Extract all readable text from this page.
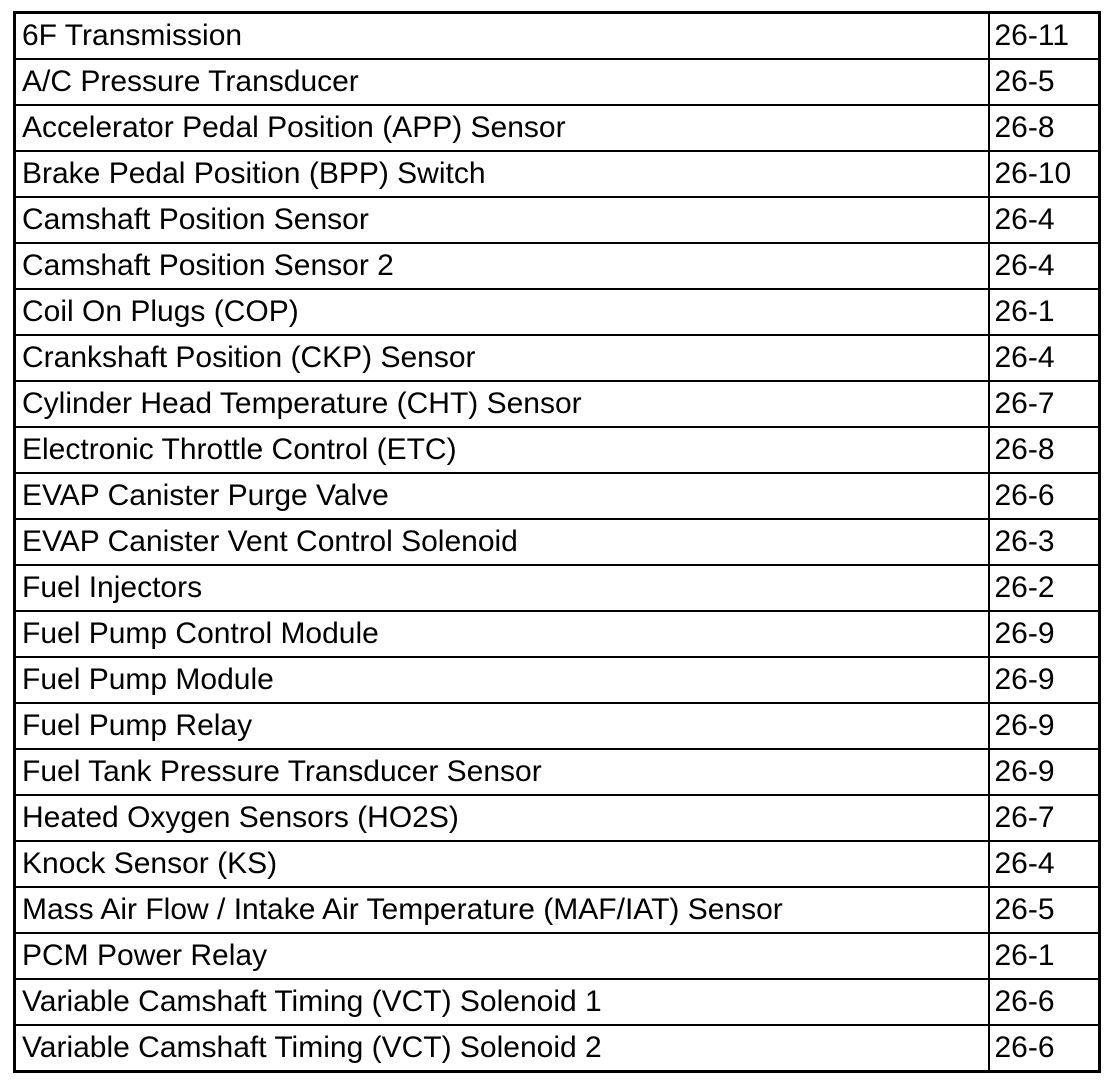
6F Transmission	26-11
A/C Pressure Transducer	26-5
Accelerator Pedal Position (APP) Sensor	26-8
Brake Pedal Position (BPP) Switch	26-10
Camshaft Position Sensor	26-4
Camshaft Position Sensor 2	26-4
Coil On Plugs (COP)	26-1
Crankshaft Position (CKP) Sensor	26-4
Cylinder Head Temperature (CHT) Sensor	26-7
Electronic Throttle Control (ETC)	26-8
EVAP Canister Purge Valve	26-6
EVAP Canister Vent Control Solenoid	26-3
Fuel Injectors	26-2
Fuel Pump Control Module	26-9
Fuel Pump Module	26-9
Fuel Pump Relay	26-9
Fuel Tank Pressure Transducer Sensor	26-9
Heated Oxygen Sensors (HO2S)	26-7
Knock Sensor (KS)	26-4
Mass Air Flow / Intake Air Temperature (MAF/IAT) Sensor	26-5
PCM Power Relay	26-1
Variable Camshaft Timing (VCT) Solenoid 1	26-6
Variable Camshaft Timing (VCT) Solenoid 2	26-6
